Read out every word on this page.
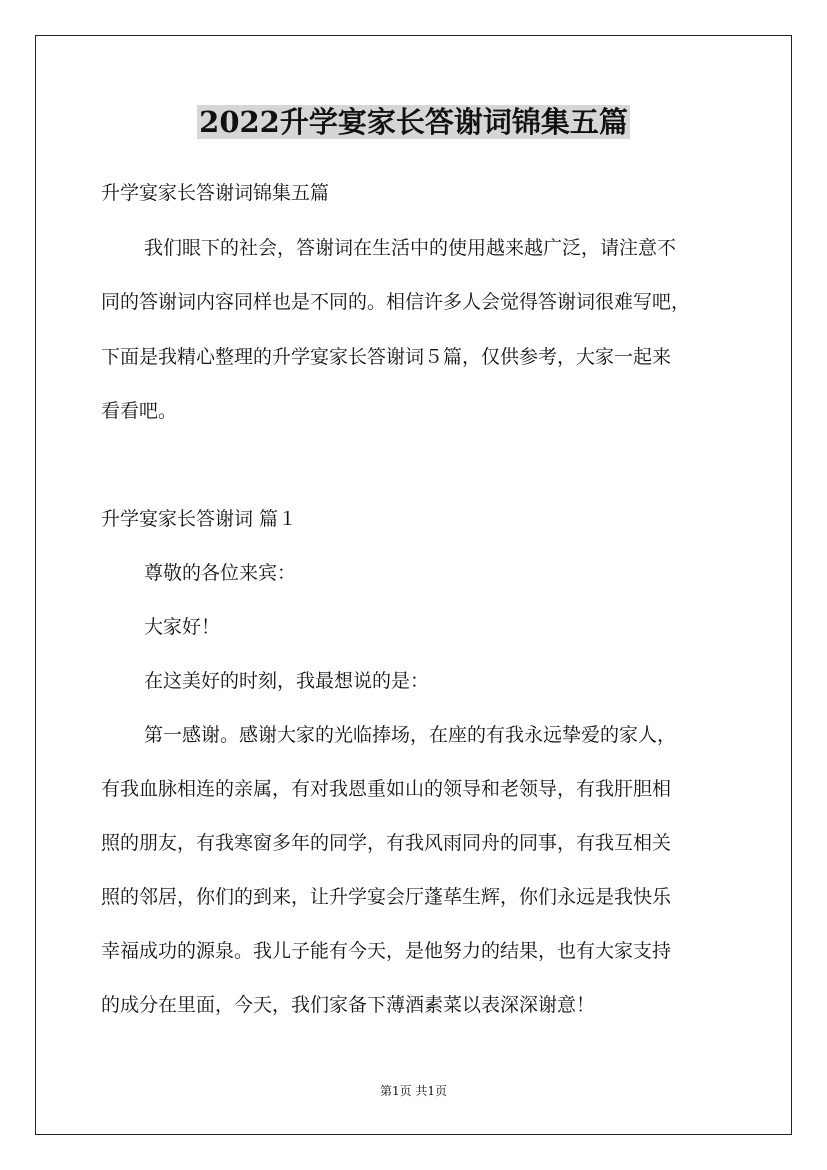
2022升学宴家长答谢词锦集五篇
升学宴家长答谢词锦集五篇
我们眼下的社会，答谢词在生活中的使用越来越广泛，请注意不
同的答谢词内容同样也是不同的。相信许多人会觉得答谢词很难写吧，
下面是我精心整理的升学宴家长答谢词５篇，仅供参考，大家一起来
看看吧。
升学宴家长答谢词 篇１
尊敬的各位来宾：
大家好！
在这美好的时刻，我最想说的是：
第一感谢。感谢大家的光临捧场，在座的有我永远挚爱的家人，
有我血脉相连的亲属，有对我恩重如山的领导和老领导，有我肝胆相
照的朋友，有我寒窗多年的同学，有我风雨同舟的同事，有我互相关
照的邻居，你们的到来，让升学宴会厅蓬荜生辉，你们永远是我快乐
幸福成功的源泉。我儿子能有今天，是他努力的结果，也有大家支持
的成分在里面，今天，我们家备下薄酒素菜以表深深谢意！
第1页 共1页
